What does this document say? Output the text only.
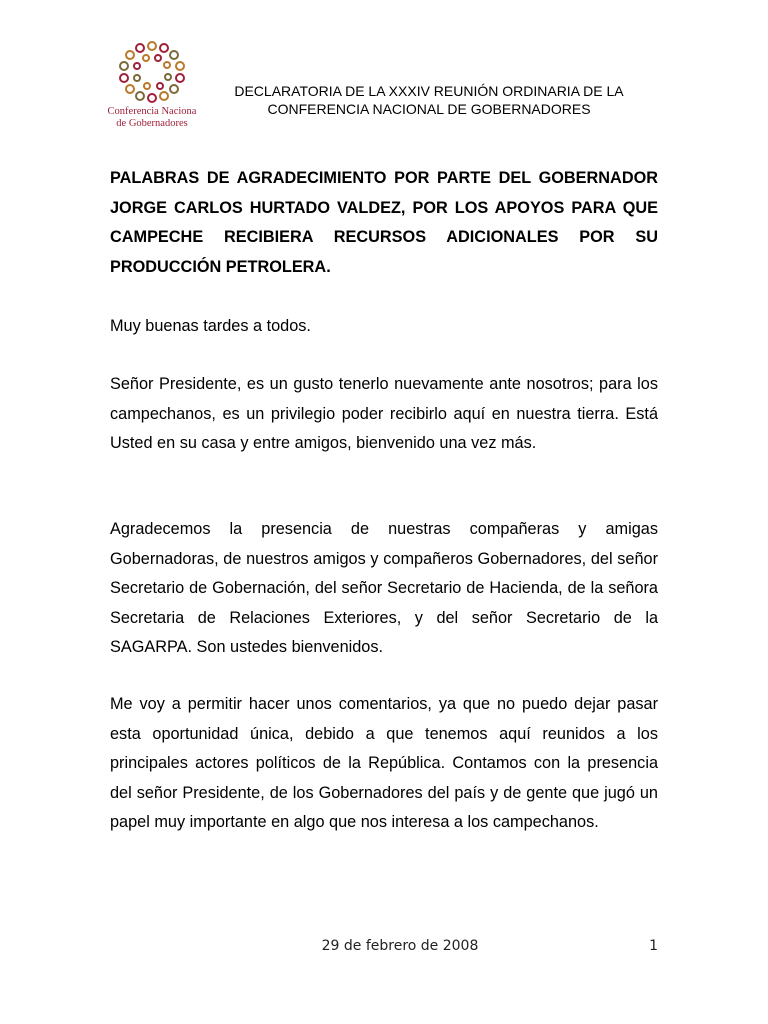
Conferencia Naciona
de Gobernadores
DECLARATORIA DE LA XXXIV REUNIÓN ORDINARIA DE LA CONFERENCIA NACIONAL DE GOBERNADORES

PALABRAS DE AGRADECIMIENTO POR PARTE DEL GOBERNADOR JORGE CARLOS HURTADO VALDEZ, POR LOS APOYOS PARA QUE CAMPECHE RECIBIERA RECURSOS ADICIONALES POR SU PRODUCCIÓN PETROLERA.

Muy buenas tardes a todos.

Señor Presidente, es un gusto tenerlo nuevamente ante nosotros; para los campechanos, es un privilegio poder recibirlo aquí en nuestra tierra. Está Usted en su casa y entre amigos, bienvenido una vez más.

Agradecemos la presencia de nuestras compañeras y amigas Gobernadoras, de nuestros amigos y compañeros Gobernadores, del señor Secretario de Gobernación, del señor Secretario de Hacienda, de la señora Secretaria de Relaciones Exteriores, y del señor Secretario de la SAGARPA. Son ustedes bienvenidos.

Me voy a permitir hacer unos comentarios, ya que no puedo dejar pasar esta oportunidad única, debido a que tenemos aquí reunidos a los principales actores políticos de la República. Contamos con la presencia del señor Presidente, de los Gobernadores del país y de gente que jugó un papel muy importante en algo que nos interesa a los campechanos.

29 de febrero de 2008	1
